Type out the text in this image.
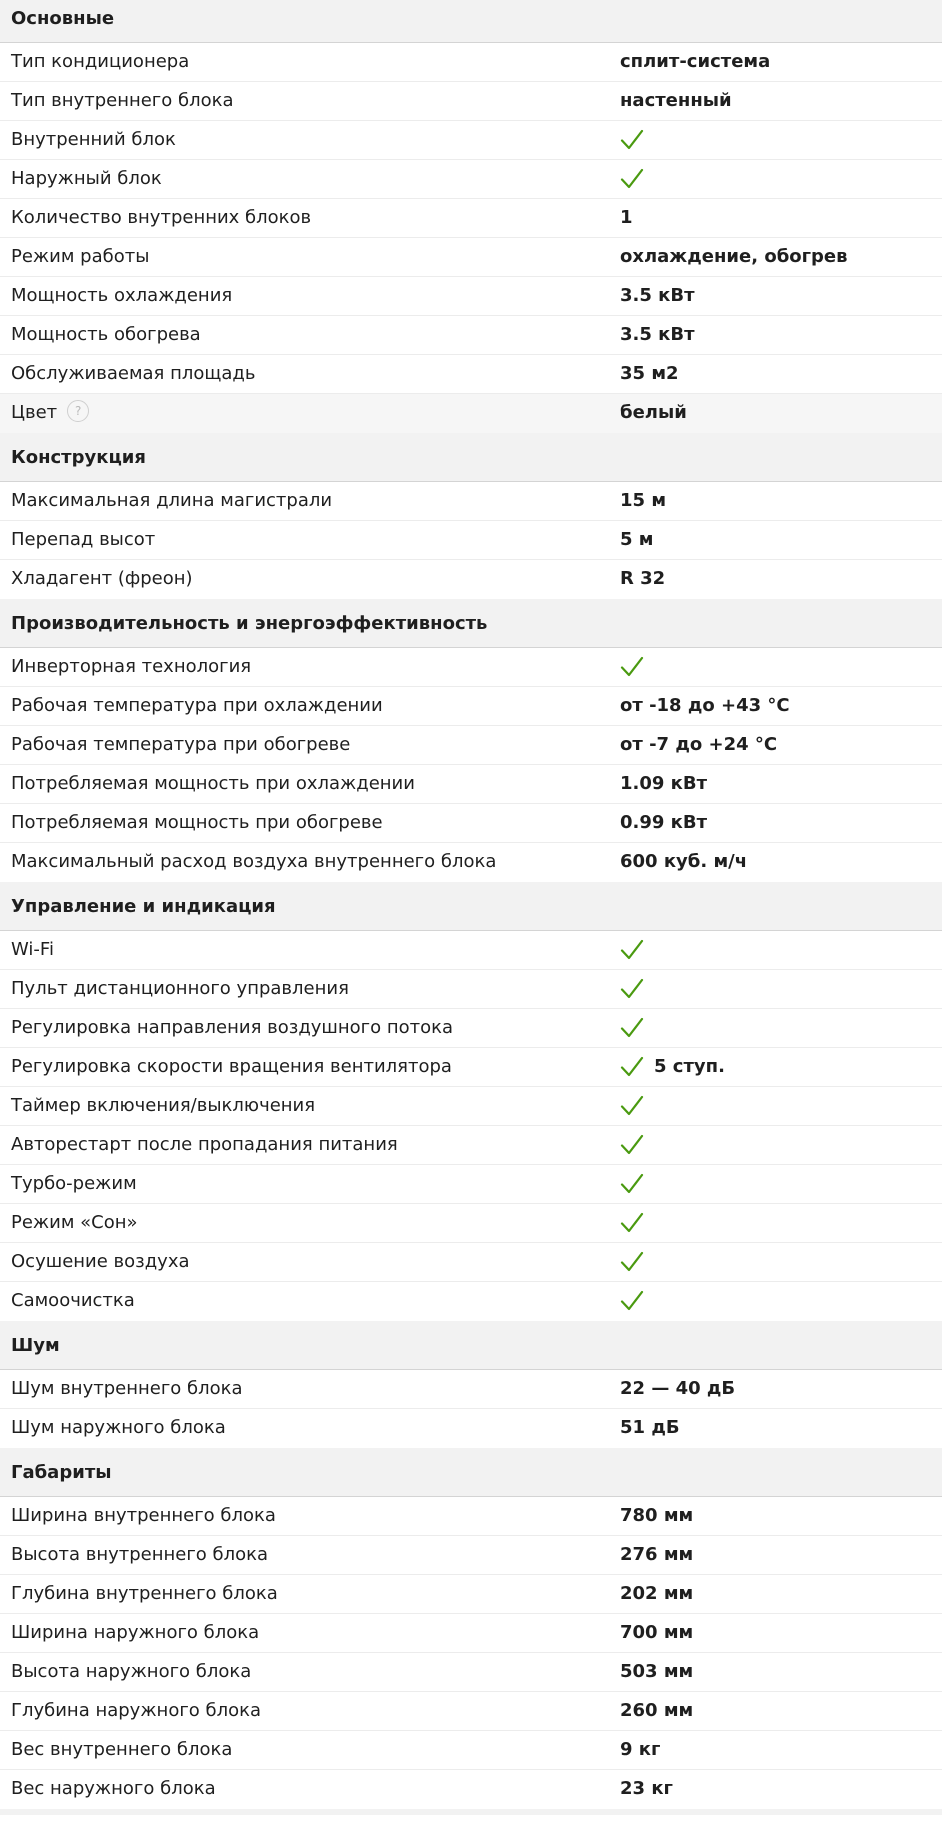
Основные
Тип кондиционера	сплит-система
Тип внутреннего блока	настенный
Внутренний блок
Наружный блок
Количество внутренних блоков	1
Режим работы	охлаждение, обогрев
Мощность охлаждения	3.5 кВт
Мощность обогрева	3.5 кВт
Обслуживаемая площадь	35 м2
Цвет ?	белый
Конструкция
Максимальная длина магистрали	15 м
Перепад высот	5 м
Хладагент (фреон)	R 32
Производительность и энергоэффективность
Инверторная технология
Рабочая температура при охлаждении	от -18 до +43 °C
Рабочая температура при обогреве	от -7 до +24 °C
Потребляемая мощность при охлаждении	1.09 кВт
Потребляемая мощность при обогреве	0.99 кВт
Максимальный расход воздуха внутреннего блока	600 куб. м/ч
Управление и индикация
Wi-Fi
Пульт дистанционного управления
Регулировка направления воздушного потока
Регулировка скорости вращения вентилятора	5 ступ.
Таймер включения/выключения
Авторестарт после пропадания питания
Турбо-режим
Режим «Сон»
Осушение воздуха
Самоочистка
Шум
Шум внутреннего блока	22 — 40 дБ
Шум наружного блока	51 дБ
Габариты
Ширина внутреннего блока	780 мм
Высота внутреннего блока	276 мм
Глубина внутреннего блока	202 мм
Ширина наружного блока	700 мм
Высота наружного блока	503 мм
Глубина наружного блока	260 мм
Вес внутреннего блока	9 кг
Вес наружного блока	23 кг
